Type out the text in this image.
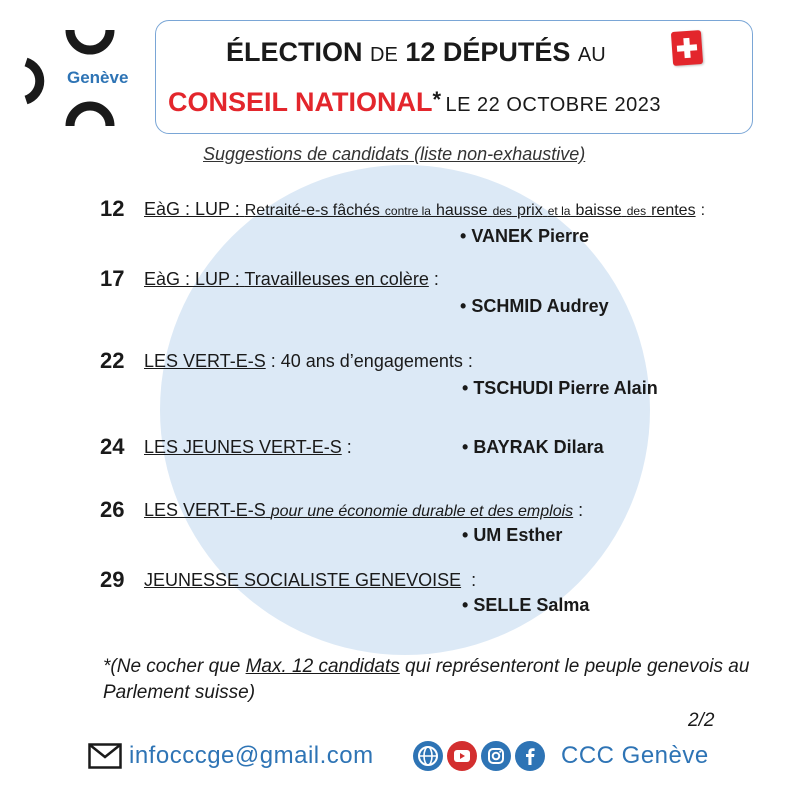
Genève
ÉLECTION DE 12 DÉPUTÉS AU
CONSEIL NATIONAL* LE 22 OCTOBRE 2023
Suggestions de candidats (liste non-exhaustive)
12 EàG : LUP : Retraité-e-s fâchés contre la hausse des prix et la baisse des rentes :
• VANEK Pierre
17 EàG : LUP : Travailleuses en colère :
• SCHMID Audrey
22 LES VERT-E-S : 40 ans d’engagements :
• TSCHUDI Pierre Alain
24 LES JEUNES VERT-E-S :
•	BAYRAK Dilara
26 LES VERT-E-S pour une économie durable et des emplois :
• UM Esther
29 JEUNESSE SOCIALISTE GENEVOISE :
• SELLE Salma
*(Ne cocher que Max. 12 candidats qui représenteront le peuple genevois au Parlement suisse)
2/2
infocccge@gmail.com	CCC Genève
